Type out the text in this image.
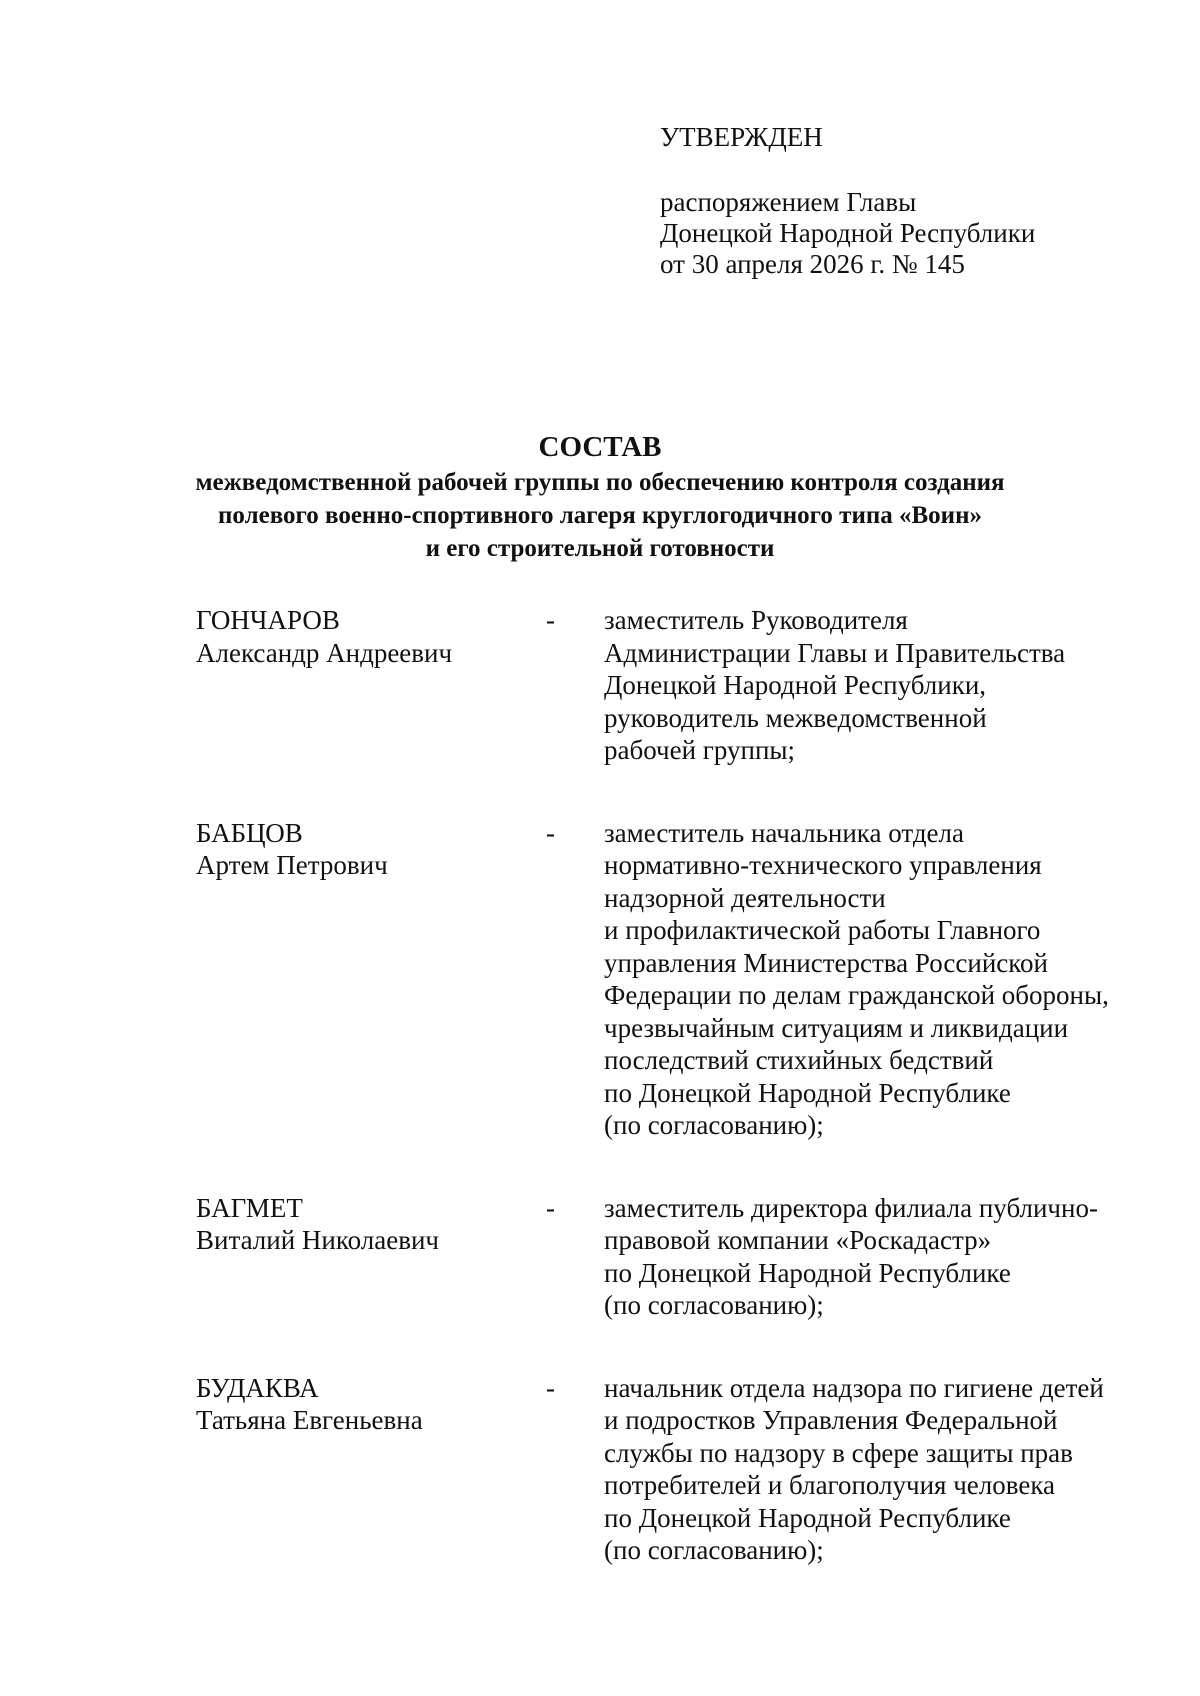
УТВЕРЖДЕН
распоряжением Главы
Донецкой Народной Республики
от 30 апреля 2026 г. № 145
СОСТАВ
межведомственной рабочей группы по обеспечению контроля создания
полевого военно-спортивного лагеря круглогодичного типа «Воин»
и его строительной готовности
ГОНЧАРОВ
Александр Андреевич
-	заместитель Руководителя
Администрации Главы и Правительства
Донецкой Народной Республики,
руководитель межведомственной
рабочей группы;
БАБЦОВ
Артем Петрович
-	заместитель начальника отдела
нормативно-технического управления
надзорной деятельности
и профилактической работы Главного
управления Министерства Российской
Федерации по делам гражданской обороны,
чрезвычайным ситуациям и ликвидации
последствий стихийных бедствий
по Донецкой Народной Республике
(по согласованию);
БАГМЕТ
Виталий Николаевич
-	заместитель директора филиала публично-
правовой компании «Роскадастр»
по Донецкой Народной Республике
(по согласованию);
БУДАКВА
Татьяна Евгеньевна
-	начальник отдела надзора по гигиене детей
и подростков Управления Федеральной
службы по надзору в сфере защиты прав
потребителей и благополучия человека
по Донецкой Народной Республике
(по согласованию);
